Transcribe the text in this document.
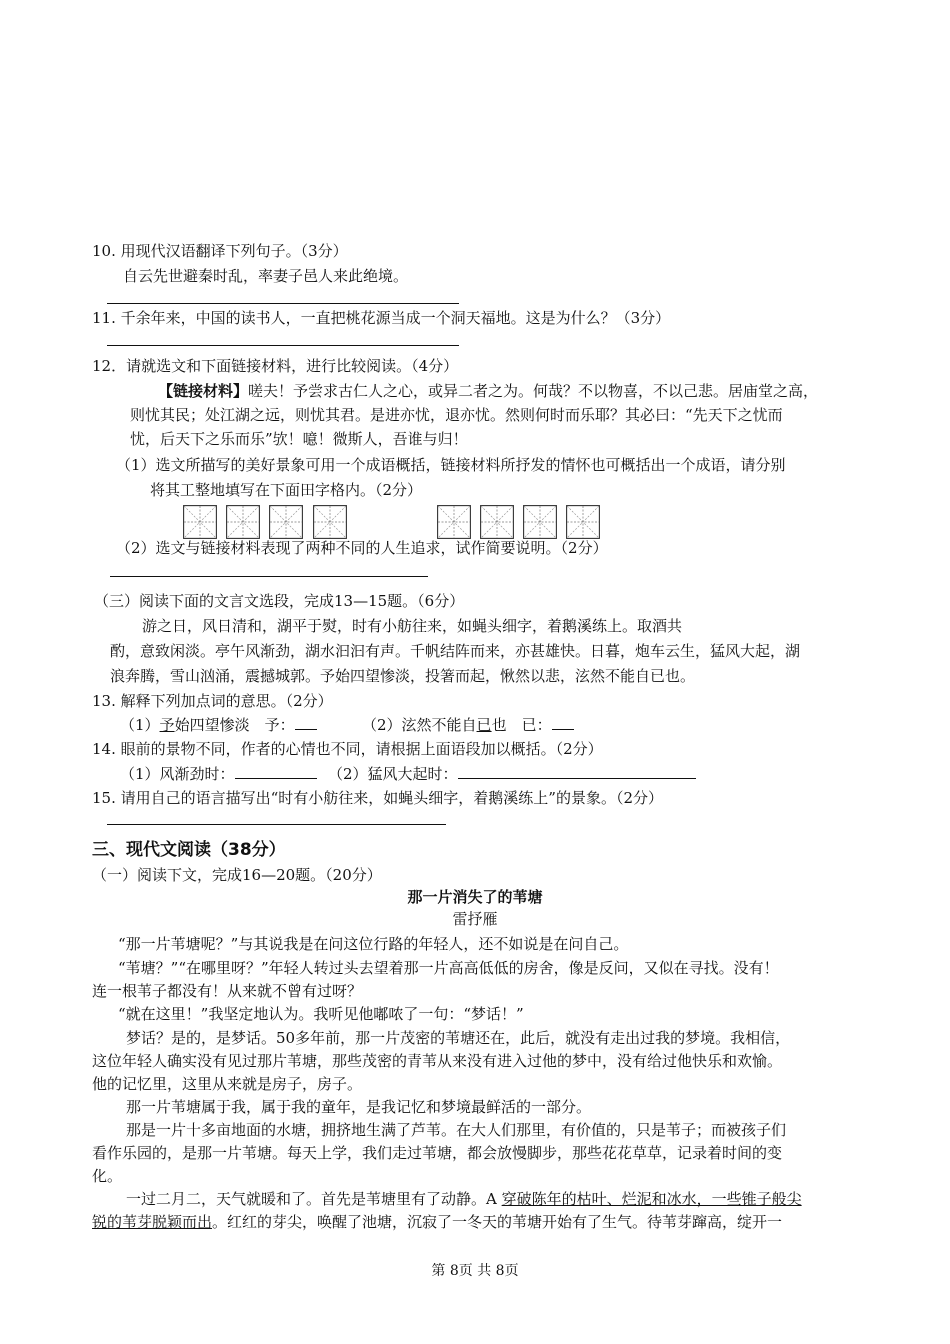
10. 用现代汉语翻译下列句子。（3分）
自云先世避秦时乱，率妻子邑人来此绝境。
11. 千余年来，中国的读书人，一直把桃花源当成一个洞天福地。这是为什么？（3分）
12．请就选文和下面链接材料，进行比较阅读。（4分）
【链接材料】嗟夫！予尝求古仁人之心，或异二者之为。何哉？不以物喜，不以己悲。居庙堂之高，
则忧其民；处江湖之远，则忧其君。是进亦忧，退亦忧。然则何时而乐耶？其必曰：“先天下之忧而
忧，后天下之乐而乐”欤！噫！微斯人，吾谁与归！
（1）选文所描写的美好景象可用一个成语概括，链接材料所抒发的情怀也可概括出一个成语，请分别
将其工整地填写在下面田字格内。（2分）
（2）选文与链接材料表现了两种不同的人生追求，试作简要说明。（2分）
（三）阅读下面的文言文选段，完成13—15题。（6分）
游之日，风日清和，湖平于熨，时有小舫往来，如蝇头细字，着鹅溪练上。取酒共
酌，意致闲淡。亭午风渐劲，湖水汩汩有声。千帆结阵而来，亦甚雄快。日暮，炮车云生，猛风大起，湖
浪奔腾，雪山汹涌，震撼城郭。予始四望惨淡，投箸而起，愀然以悲，泫然不能自已也。
13. 解释下列加点词的意思。（2分）
（1）予始四望惨淡　予：	（2）泫然不能自已也　已：
14. 眼前的景物不同，作者的心情也不同，请根据上面语段加以概括。（2分）
（1）风渐劲时：	（2）猛风大起时：
15. 请用自己的语言描写出“时有小舫往来，如蝇头细字，着鹅溪练上”的景象。（2分）
三、现代文阅读（38分）
（一）阅读下文，完成16—20题。（20分）
那一片消失了的苇塘
雷抒雁
“那一片苇塘呢？”与其说我是在问这位行路的年轻人，还不如说是在问自己。
“苇塘？”“在哪里呀？”年轻人转过头去望着那一片高高低低的房舍，像是反问，又似在寻找。没有！
连一根苇子都没有！从来就不曾有过呀？
“就在这里！”我坚定地认为。我听见他嘟哝了一句：“梦话！”
梦话？是的，是梦话。50多年前，那一片茂密的苇塘还在，此后，就没有走出过我的梦境。我相信，
这位年轻人确实没有见过那片苇塘，那些茂密的青苇从来没有进入过他的梦中，没有给过他快乐和欢愉。
他的记忆里，这里从来就是房子，房子。
那一片苇塘属于我，属于我的童年，是我记忆和梦境最鲜活的一部分。
那是一片十多亩地面的水塘，拥挤地生满了芦苇。在大人们那里，有价值的，只是苇子；而被孩子们
看作乐园的，是那一片苇塘。每天上学，我们走过苇塘，都会放慢脚步，那些花花草草，记录着时间的变
化。
一过二月二，天气就暖和了。首先是苇塘里有了动静。A 穿破陈年的枯叶、烂泥和冰水，一些锥子般尖
锐的苇芽脱颖而出。红红的芽尖，唤醒了池塘，沉寂了一冬天的苇塘开始有了生气。待苇芽蹿高，绽开一
第 8页 共 8页
